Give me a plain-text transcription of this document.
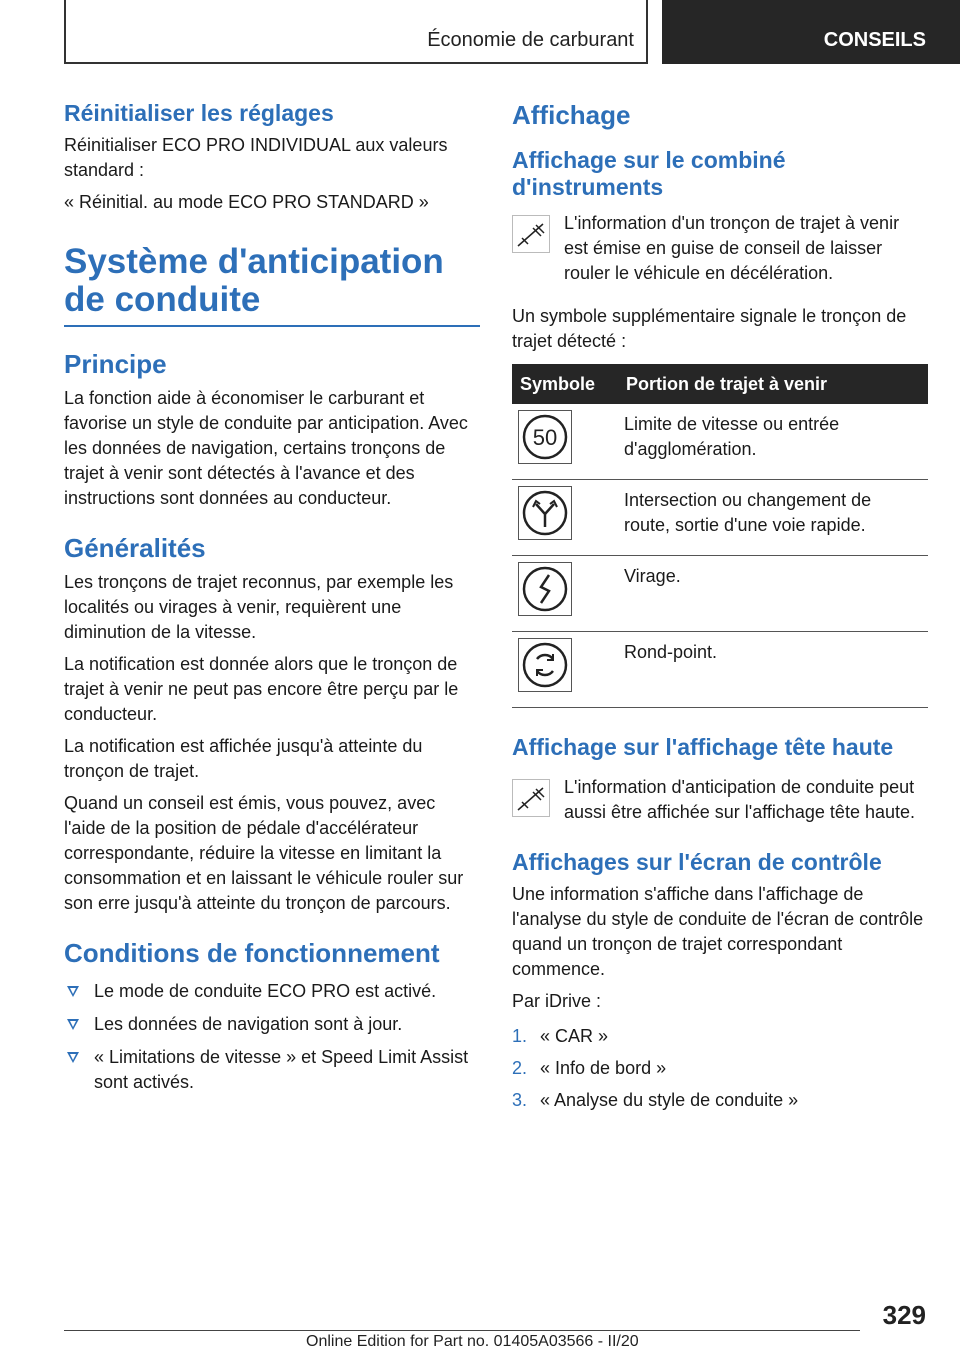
Économie de carburant	CONSEILS
Réinitialiser les réglages

Réinitialiser ECO PRO INDIVIDUAL aux valeurs standard :

« Réinitial. au mode ECO PRO STANDARD »

Système d'anticipation de conduite
Principe

La fonction aide à économiser le carburant et favorise un style de conduite par anticipation. Avec les données de navigation, certains tronçons de trajet à venir sont détectés à l'avance et des instructions sont données au conducteur.

Généralités

Les tronçons de trajet reconnus, par exemple les localités ou virages à venir, requièrent une diminution de la vitesse.

La notification est donnée alors que le tronçon de trajet à venir ne peut pas encore être perçu par le conducteur.

La notification est affichée jusqu'à atteinte du tronçon de trajet.

Quand un conseil est émis, vous pouvez, avec l'aide de la position de pédale d'accélérateur correspondante, réduire la vitesse en limitant la consommation et en laissant le véhicule rouler sur son erre jusqu'à atteinte du tronçon de parcours.

Conditions de fonctionnement
Le mode de conduite ECO PRO est activé.
Les données de navigation sont à jour.
« Limitations de vitesse » et Speed Limit Assist sont activés.
Affichage
Affichage sur le combiné d'instruments
L'information d'un tronçon de trajet à venir est émise en guise de conseil de laisser rouler le véhicule en décélération.

Un symbole supplémentaire signale le tronçon de trajet détecté :

Symbole	Portion de trajet à venir

50	Limite de vitesse ou entrée d'agglomération.

	Intersection ou changement de route, sortie d'une voie rapide.

	Virage.

	Rond-point.
Affichage sur l'affichage tête haute
L'information d'anticipation de conduite peut aussi être affichée sur l'affichage tête haute.
Affichages sur l'écran de contrôle

Une information s'affiche dans l'affichage de l'analyse du style de conduite de l'écran de contrôle quand un tronçon de trajet correspondant commence.

Par iDrive :

1. « CAR »
2. « Info de bord »
3. « Analyse du style de conduite »
329
Online Edition for Part no. 01405A03566 - II/20
